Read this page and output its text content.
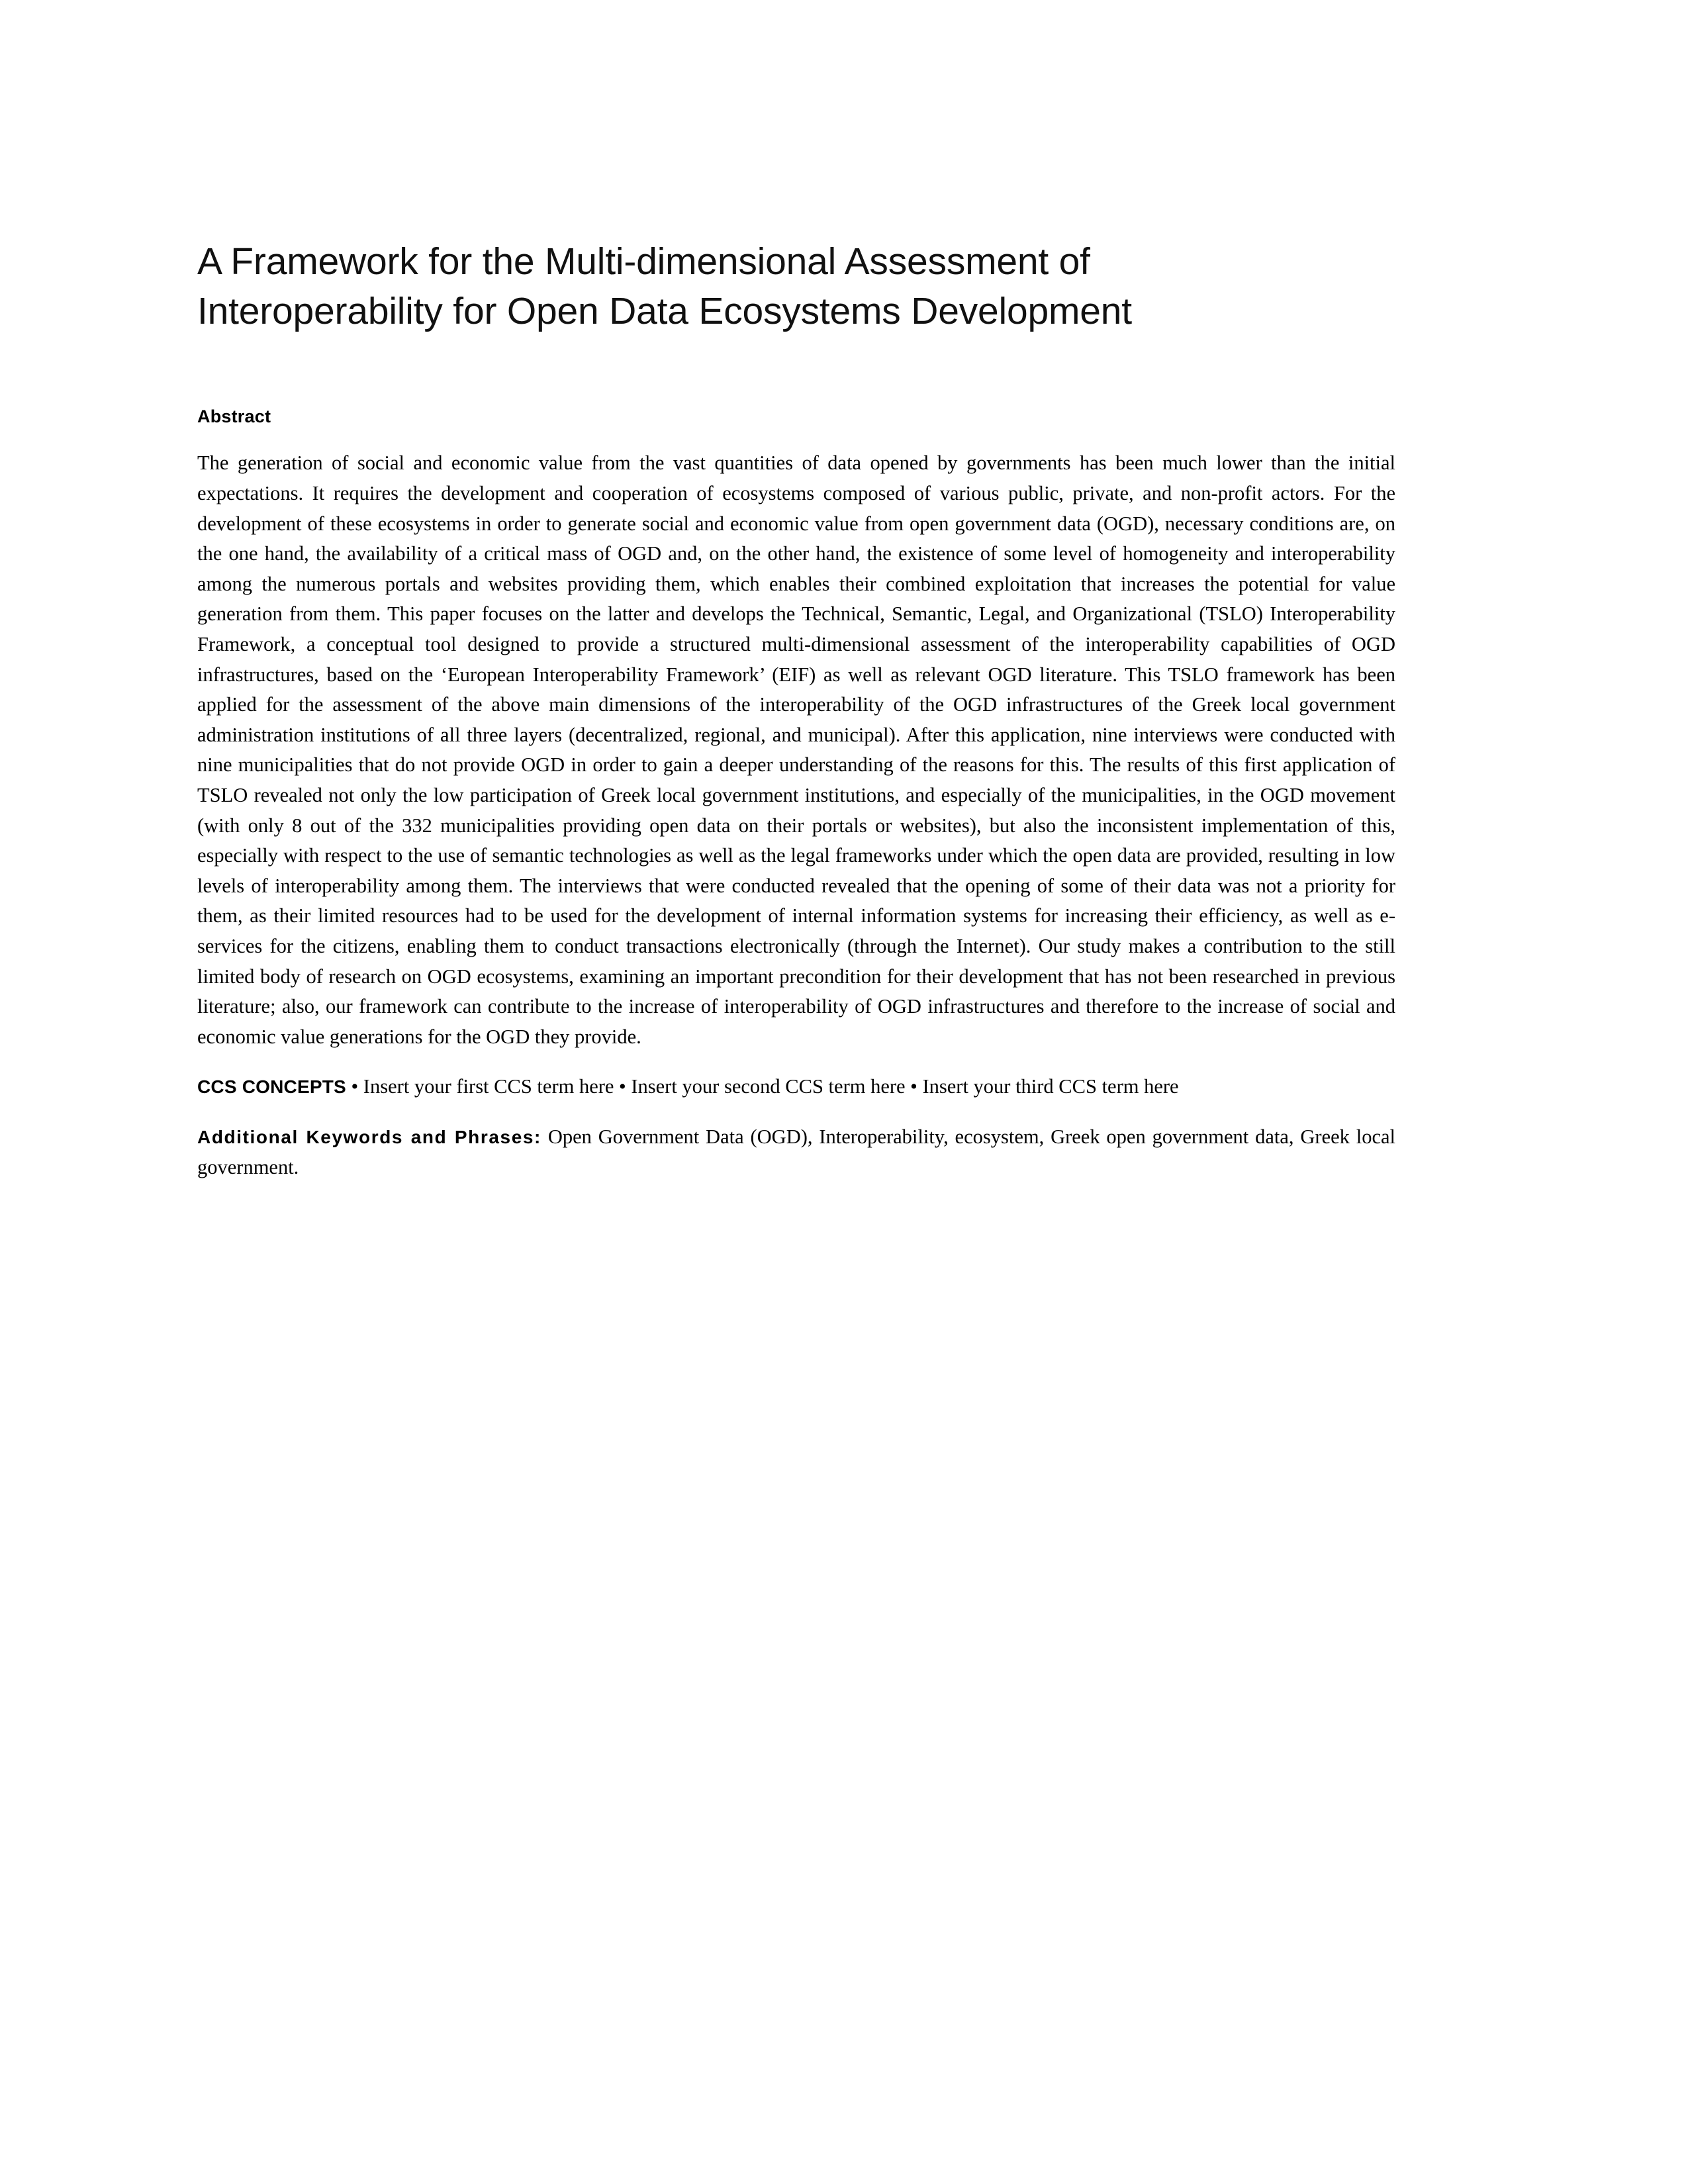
A Framework for the Multi-dimensional Assessment of Interoperability for Open Data Ecosystems Development
Abstract

The generation of social and economic value from the vast quantities of data opened by governments has been much lower than the initial expectations. It requires the development and cooperation of ecosystems composed of various public, private, and non-profit actors. For the development of these ecosystems in order to generate social and economic value from open government data (OGD), necessary conditions are, on the one hand, the availability of a critical mass of OGD and, on the other hand, the existence of some level of homogeneity and interoperability among the numerous portals and websites providing them, which enables their combined exploitation that increases the potential for value generation from them. This paper focuses on the latter and develops the Technical, Semantic, Legal, and Organizational (TSLO) Interoperability Framework, a conceptual tool designed to provide a structured multi-dimensional assessment of the interoperability capabilities of OGD infrastructures, based on the ‘European Interoperability Framework’ (EIF) as well as relevant OGD literature. This TSLO framework has been applied for the assessment of the above main dimensions of the interoperability of the OGD infrastructures of the Greek local government administration institutions of all three layers (decentralized, regional, and municipal). After this application, nine interviews were conducted with nine municipalities that do not provide OGD in order to gain a deeper understanding of the reasons for this. The results of this first application of TSLO revealed not only the low participation of Greek local government institutions, and especially of the municipalities, in the OGD movement (with only 8 out of the 332 municipalities providing open data on their portals or websites), but also the inconsistent implementation of this, especially with respect to the use of semantic technologies as well as the legal frameworks under which the open data are provided, resulting in low levels of interoperability among them. The interviews that were conducted revealed that the opening of some of their data was not a priority for them, as their limited resources had to be used for the development of internal information systems for increasing their efficiency, as well as e-services for the citizens, enabling them to conduct transactions electronically (through the Internet). Our study makes a contribution to the still limited body of research on OGD ecosystems, examining an important precondition for their development that has not been researched in previous literature; also, our framework can contribute to the increase of interoperability of OGD infrastructures and therefore to the increase of social and economic value generations for the OGD they provide.

CCS CONCEPTS • Insert your first CCS term here • Insert your second CCS term here • Insert your third CCS term here

Additional Keywords and Phrases: Open Government Data (OGD), Interoperability, ecosystem, Greek open government data, Greek local government.
